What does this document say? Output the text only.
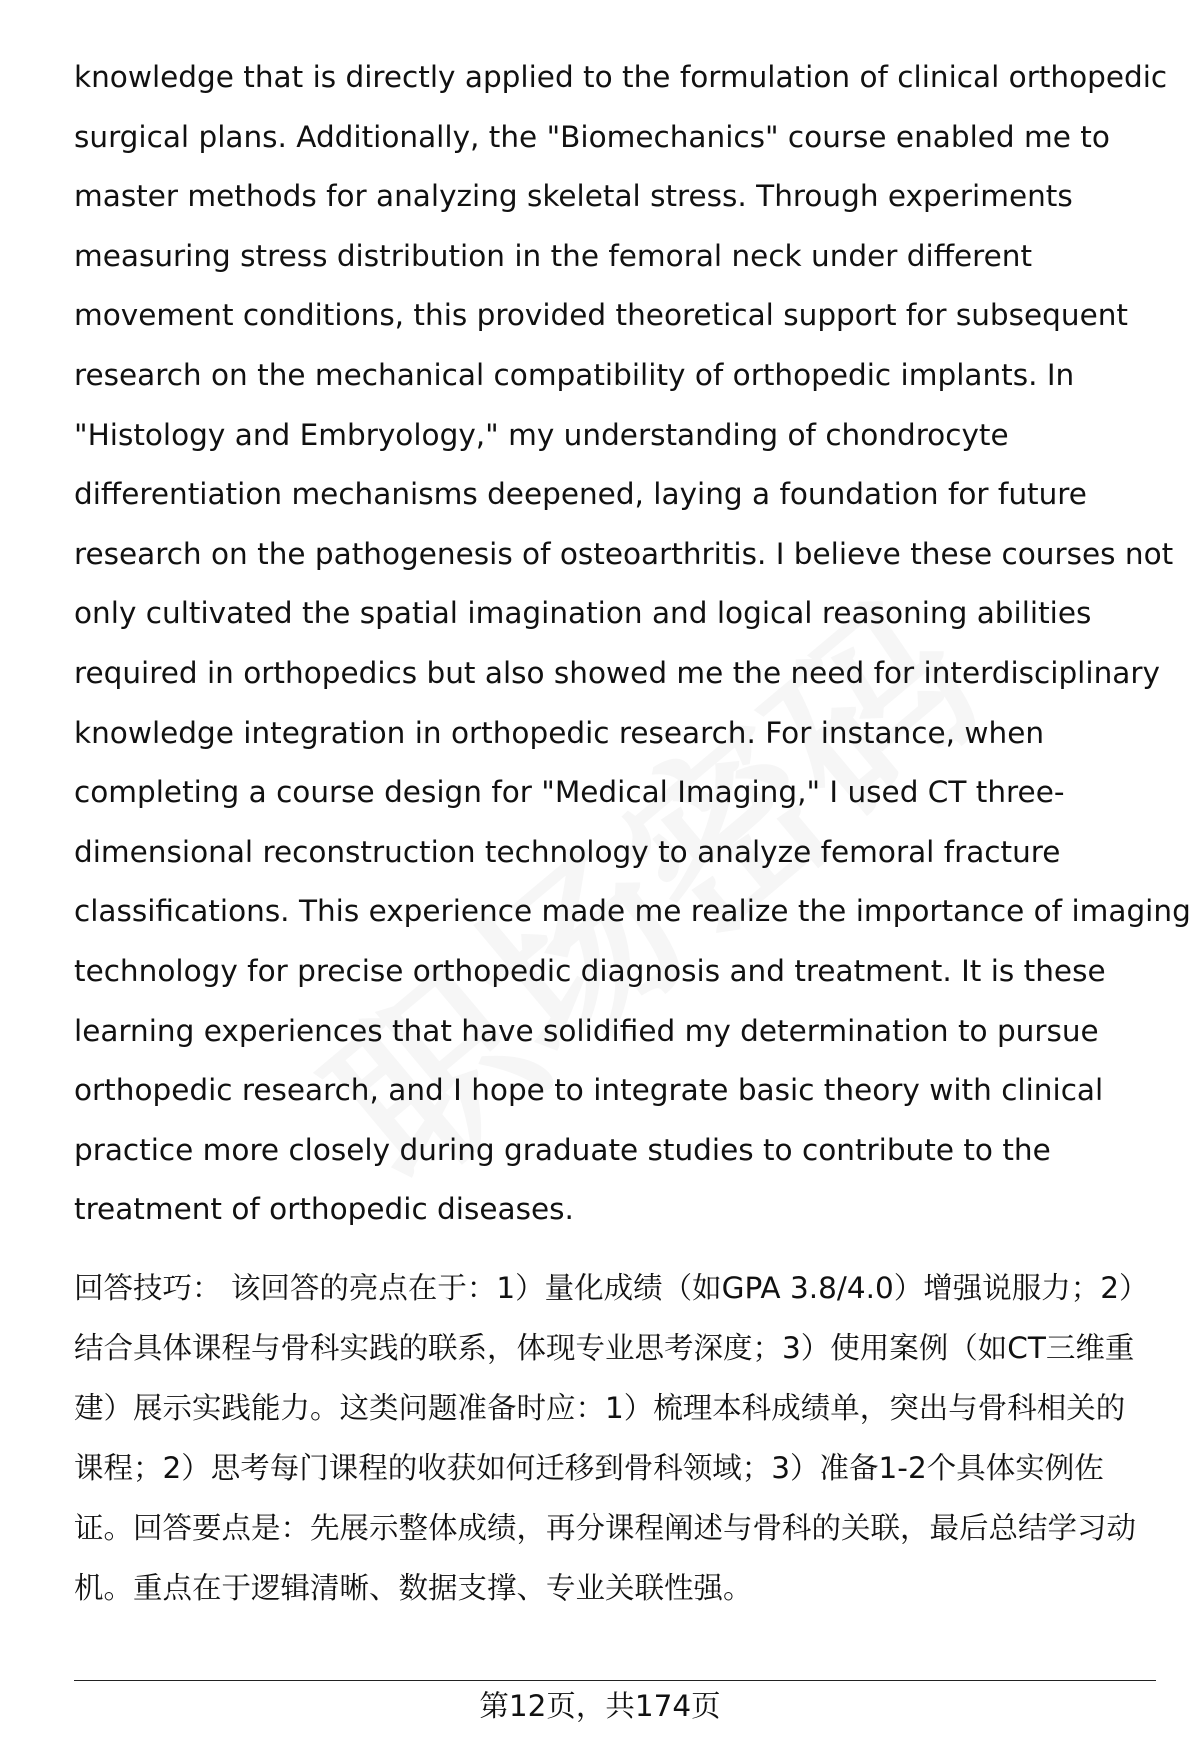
knowledge that is directly applied to the formulation of clinical orthopedic
surgical plans. Additionally, the "Biomechanics" course enabled me to
master methods for analyzing skeletal stress. Through experiments
measuring stress distribution in the femoral neck under different
movement conditions, this provided theoretical support for subsequent
research on the mechanical compatibility of orthopedic implants. In
"Histology and Embryology," my understanding of chondrocyte
differentiation mechanisms deepened, laying a foundation for future
research on the pathogenesis of osteoarthritis. I believe these courses not
only cultivated the spatial imagination and logical reasoning abilities
required in orthopedics but also showed me the need for interdisciplinary
knowledge integration in orthopedic research. For instance, when
completing a course design for "Medical Imaging," I used CT three-
dimensional reconstruction technology to analyze femoral fracture
classifications. This experience made me realize the importance of imaging
technology for precise orthopedic diagnosis and treatment. It is these
learning experiences that have solidified my determination to pursue
orthopedic research, and I hope to integrate basic theory with clinical
practice more closely during graduate studies to contribute to the
treatment of orthopedic diseases.
回答技巧： 该回答的亮点在于：1）量化成绩（如GPA 3.8/4.0）增强说服力；2）
结合具体课程与骨科实践的联系，体现专业思考深度；3）使用案例（如CT三维重
建）展示实践能力。这类问题准备时应：1）梳理本科成绩单，突出与骨科相关的
课程；2）思考每门课程的收获如何迁移到骨科领域；3）准备1-2个具体实例佐
证。回答要点是：先展示整体成绩，再分课程阐述与骨科的关联，最后总结学习动
机。重点在于逻辑清晰、数据支撑、专业关联性强。
第12页，共174页
